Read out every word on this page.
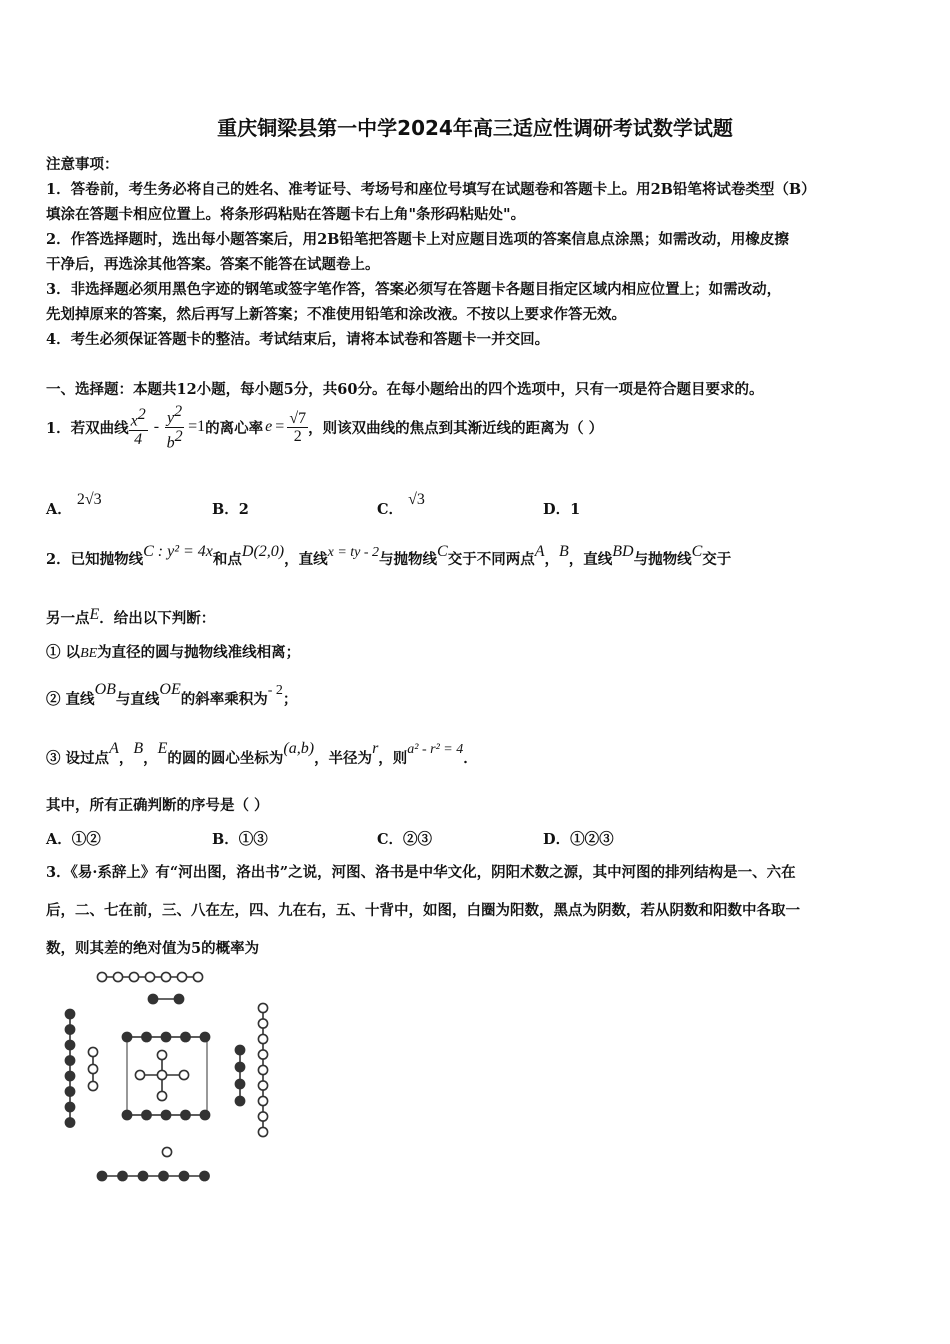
重庆铜梁县第一中学2024年高三适应性调研考试数学试题
注意事项：
1．答卷前，考生务必将自己的姓名、准考证号、考场号和座位号填写在试题卷和答题卡上。用2B铅笔将试卷类型（B）
填涂在答题卡相应位置上。将条形码粘贴在答题卡右上角"条形码粘贴处"。
2．作答选择题时，选出每小题答案后，用2B铅笔把答题卡上对应题目选项的答案信息点涂黑；如需改动，用橡皮擦
干净后，再选涂其他答案。答案不能答在试题卷上。
3．非选择题必须用黑色字迹的钢笔或签字笔作答，答案必须写在答题卡各题目指定区域内相应位置上；如需改动，
先划掉原来的答案，然后再写上新答案；不准使用铅笔和涂改液。不按以上要求作答无效。
4．考生必须保证答题卡的整洁。考试结束后，请将本试卷和答题卡一并交回。
一、选择题：本题共12小题，每小题5分，共60分。在每小题给出的四个选项中，只有一项是符合题目要求的。
1．若双曲线 $\frac{x^2}{4} - \frac{y^2}{b^2} =1$ 的离心率 $e = \frac{√7}{2}$ ，则该双曲线的焦点到其渐近线的距离为（ ）
A． 2√3
B．2	C． √3
D．1
2．已知抛物线C : y² = 4x和点D(2,0)，直线x = ty - 2与抛物线C交于不同两点A，B，直线BD与抛物线C交于
另一点E．给出以下判断：
① 以BE为直径的圆与抛物线准线相离；
② 直线OB与直线OE的斜率乘积为- 2；
③ 设过点A，B，E的圆的圆心坐标为(a,b)，半径为r，则a² - r² = 4．
其中，所有正确判断的序号是（ ）
A．①②	B．①③	C．②③	D．①②③
3．《易·系辞上》有“河出图，洛出书”之说，河图、洛书是中华文化，阴阳术数之源，其中河图的排列结构是一、六在
后，二、七在前，三、八在左，四、九在右，五、十背中，如图，白圈为阳数，黑点为阴数，若从阴数和阳数中各取一
数，则其差的绝对值为5的概率为
